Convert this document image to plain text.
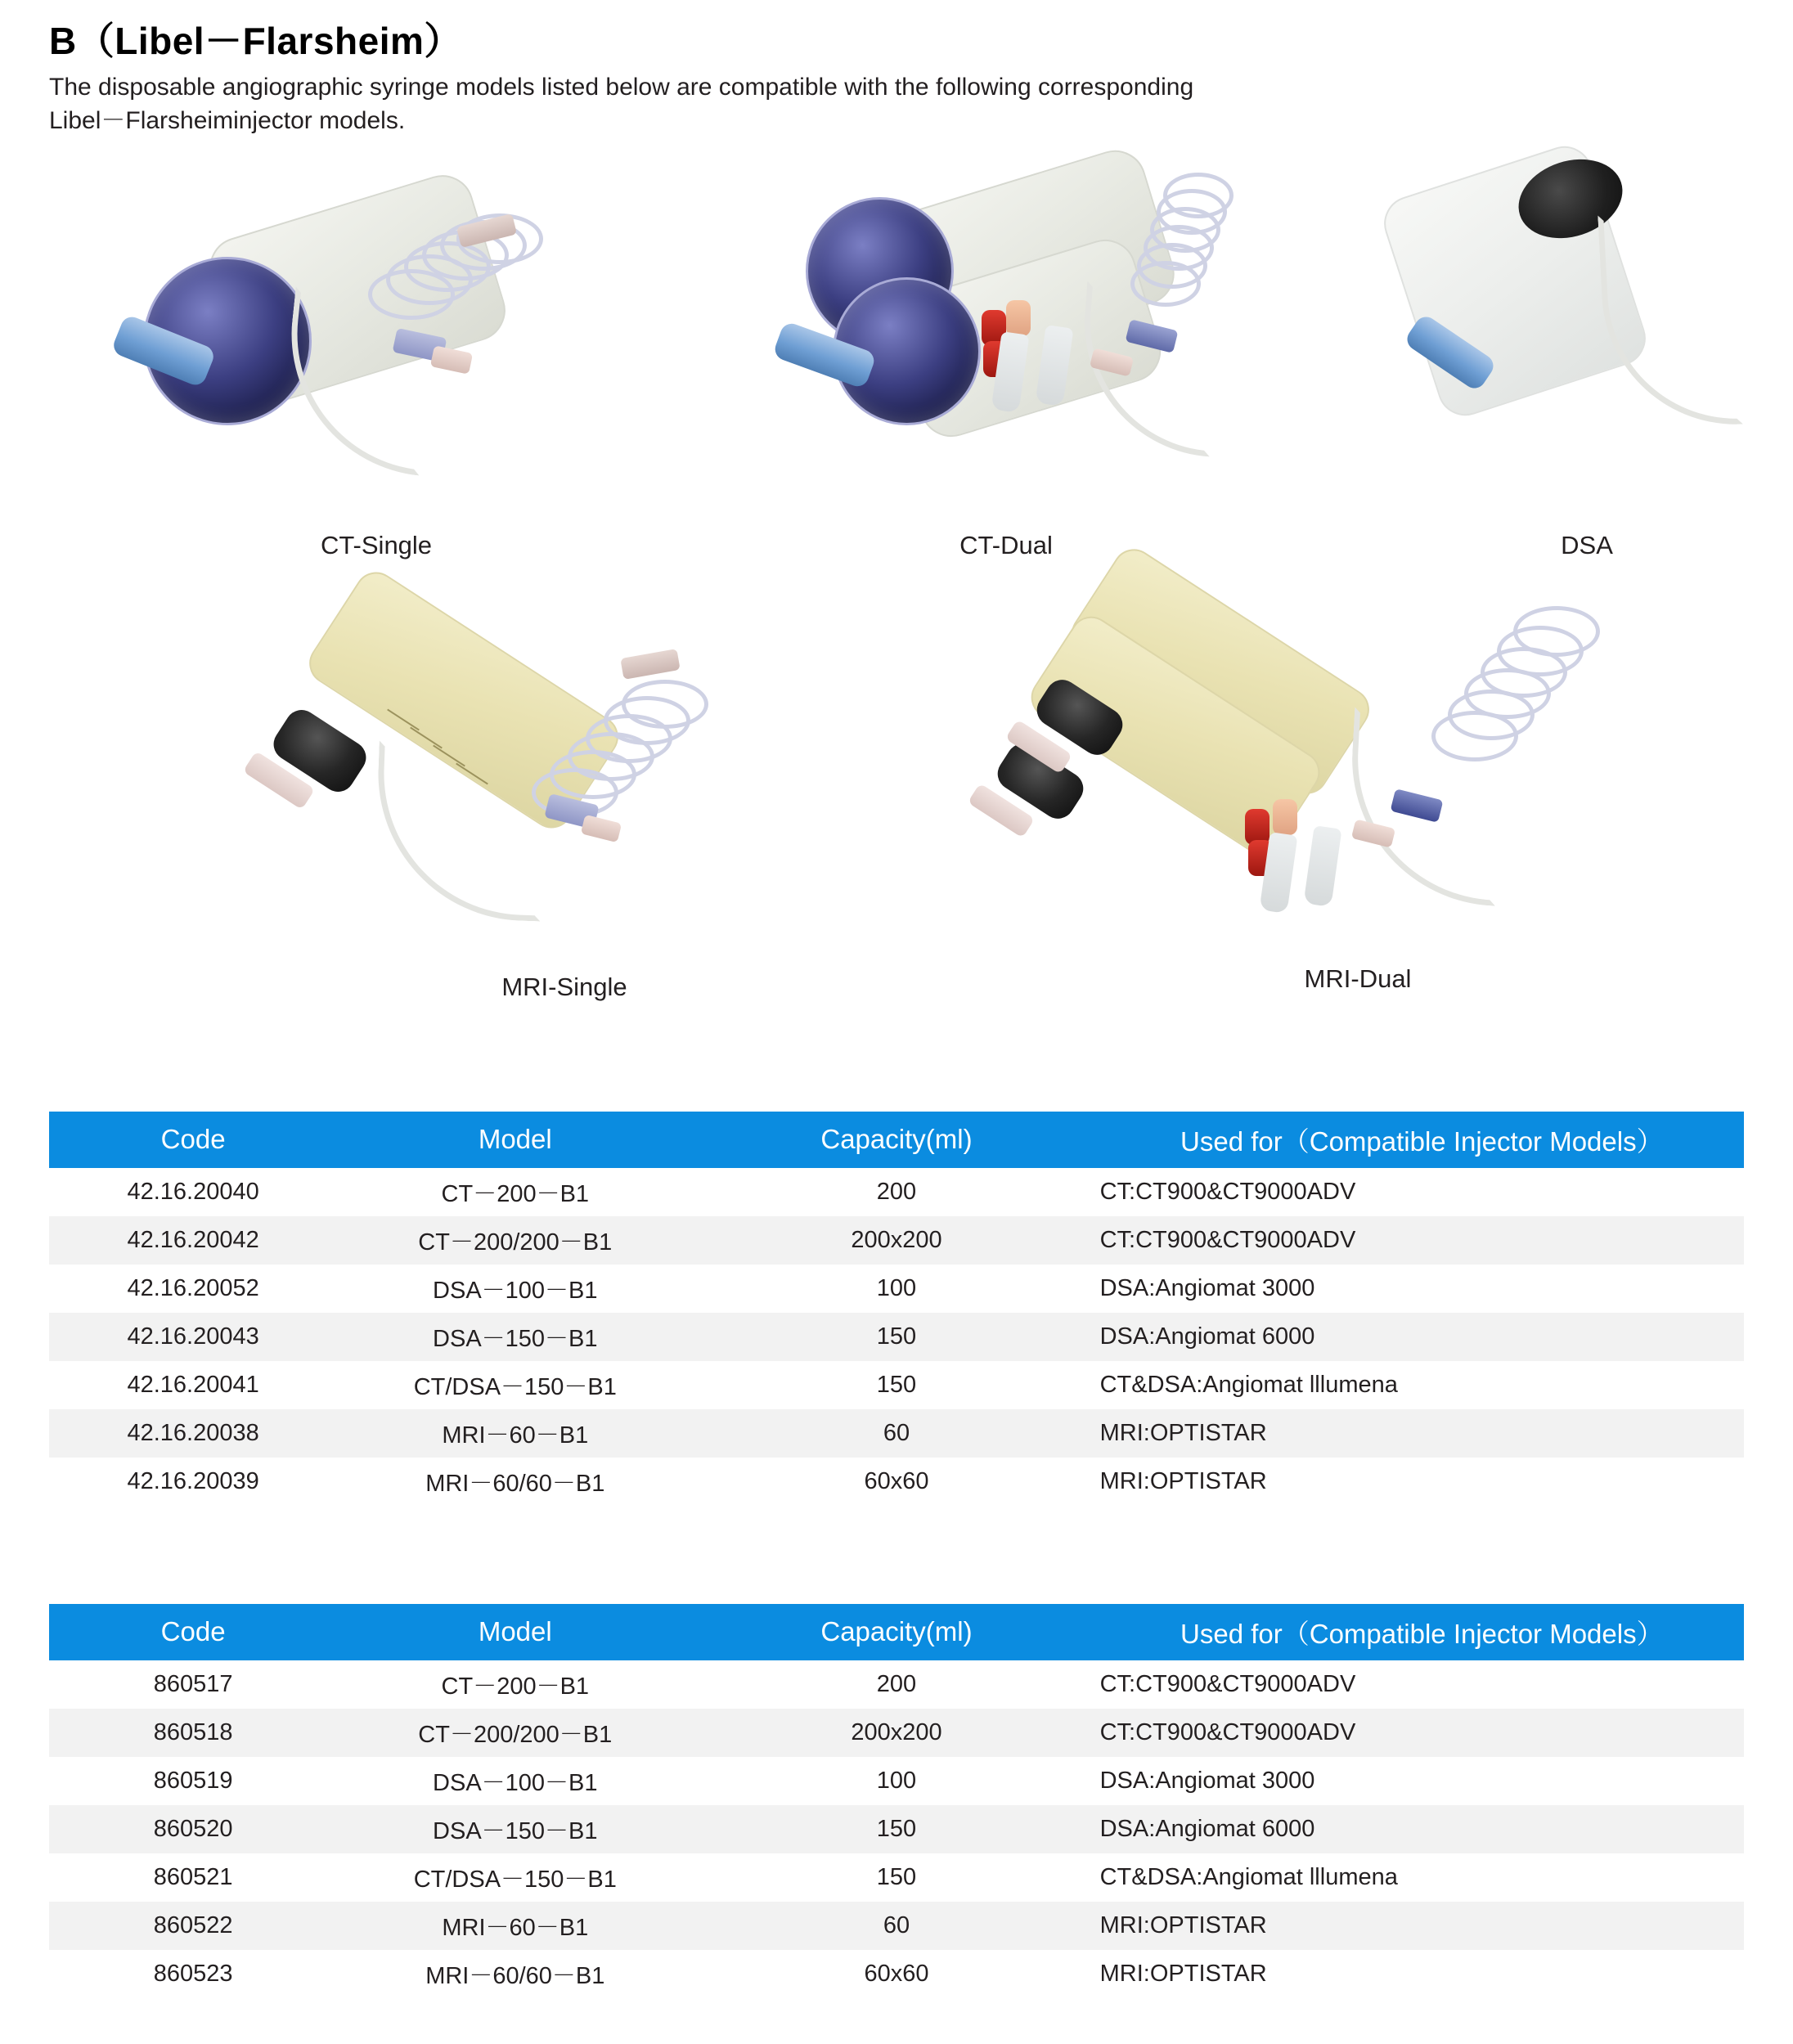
B（Libel－Flarsheim）
The disposable angiographic syringe models listed below are compatible with the following corresponding
Libel－Flarsheiminjector models.
CT-Single	CT-Dual	DSA
MRI-Single	MRI-Dual
Code	Model	Capacity(ml)	Used for（Compatible Injector Models）
42.16.20040	CT－200－B1	200	CT:CT900&CT9000ADV
42.16.20042	CT－200/200－B1	200x200	CT:CT900&CT9000ADV
42.16.20052	DSA－100－B1	100	DSA:Angiomat 3000
42.16.20043	DSA－150－B1	150	DSA:Angiomat 6000
42.16.20041	CT/DSA－150－B1	150	CT&DSA:Angiomat lllumena
42.16.20038	MRI－60－B1	60	MRI:OPTISTAR
42.16.20039	MRI－60/60－B1	60x60	MRI:OPTISTAR

Code	Model	Capacity(ml)	Used for（Compatible Injector Models）
860517	CT－200－B1	200	CT:CT900&CT9000ADV
860518	CT－200/200－B1	200x200	CT:CT900&CT9000ADV
860519	DSA－100－B1	100	DSA:Angiomat 3000
860520	DSA－150－B1	150	DSA:Angiomat 6000
860521	CT/DSA－150－B1	150	CT&DSA:Angiomat lllumena
860522	MRI－60－B1	60	MRI:OPTISTAR
860523	MRI－60/60－B1	60x60	MRI:OPTISTAR
